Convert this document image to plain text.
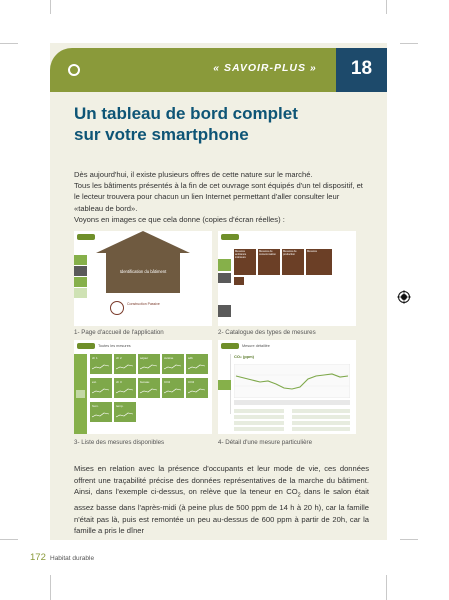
« SAVOIR-PLUS »	18
Un tableau de bord complet
sur votre smartphone
Dès aujourd'hui, il existe plusieurs offres de cette nature sur le marché.
Tous les bâtiments présentés à la fin de cet ouvrage sont équipés d'un tel dispositif, et le lecteur trouvera pour chacun un lien Internet permettant d'aller consulter leur «tableau de bord».
Voyons en images ce que cela donne (copies d'écran réelles) :
Identification du bâtiment
Construction Passive
1- Page d'accueil de l'application
Mesures ambiance intérieure
Mesures de consommation
Mesures de production
Mesures
2- Catalogue des types de mesures
Toutes les mesures
ch 1	ch 2	séjour	cuisine	sdb
ext.	ch 3	bureau	CO2	CO2
hum.	temp.
3- Liste des mesures disponibles
Mesure détaillée
CO₂ (ppm)
4- Détail d'une mesure particulière
Mises en relation avec la présence d'occupants et leur mode de vie, ces données offrent une traçabilité précise des données représentatives de la marche du bâtiment. Ainsi, dans l'exemple ci-dessus, on relève que la teneur en $CO_2$ dans le salon était assez basse dans l'après-midi (à peine plus de 500 ppm de 14 h à 20 h), car la famille n'était pas là, puis est remontée un peu au-dessus de 600 ppm à partir de 20h, car la famille a pris le dîner
172 Habitat durable
